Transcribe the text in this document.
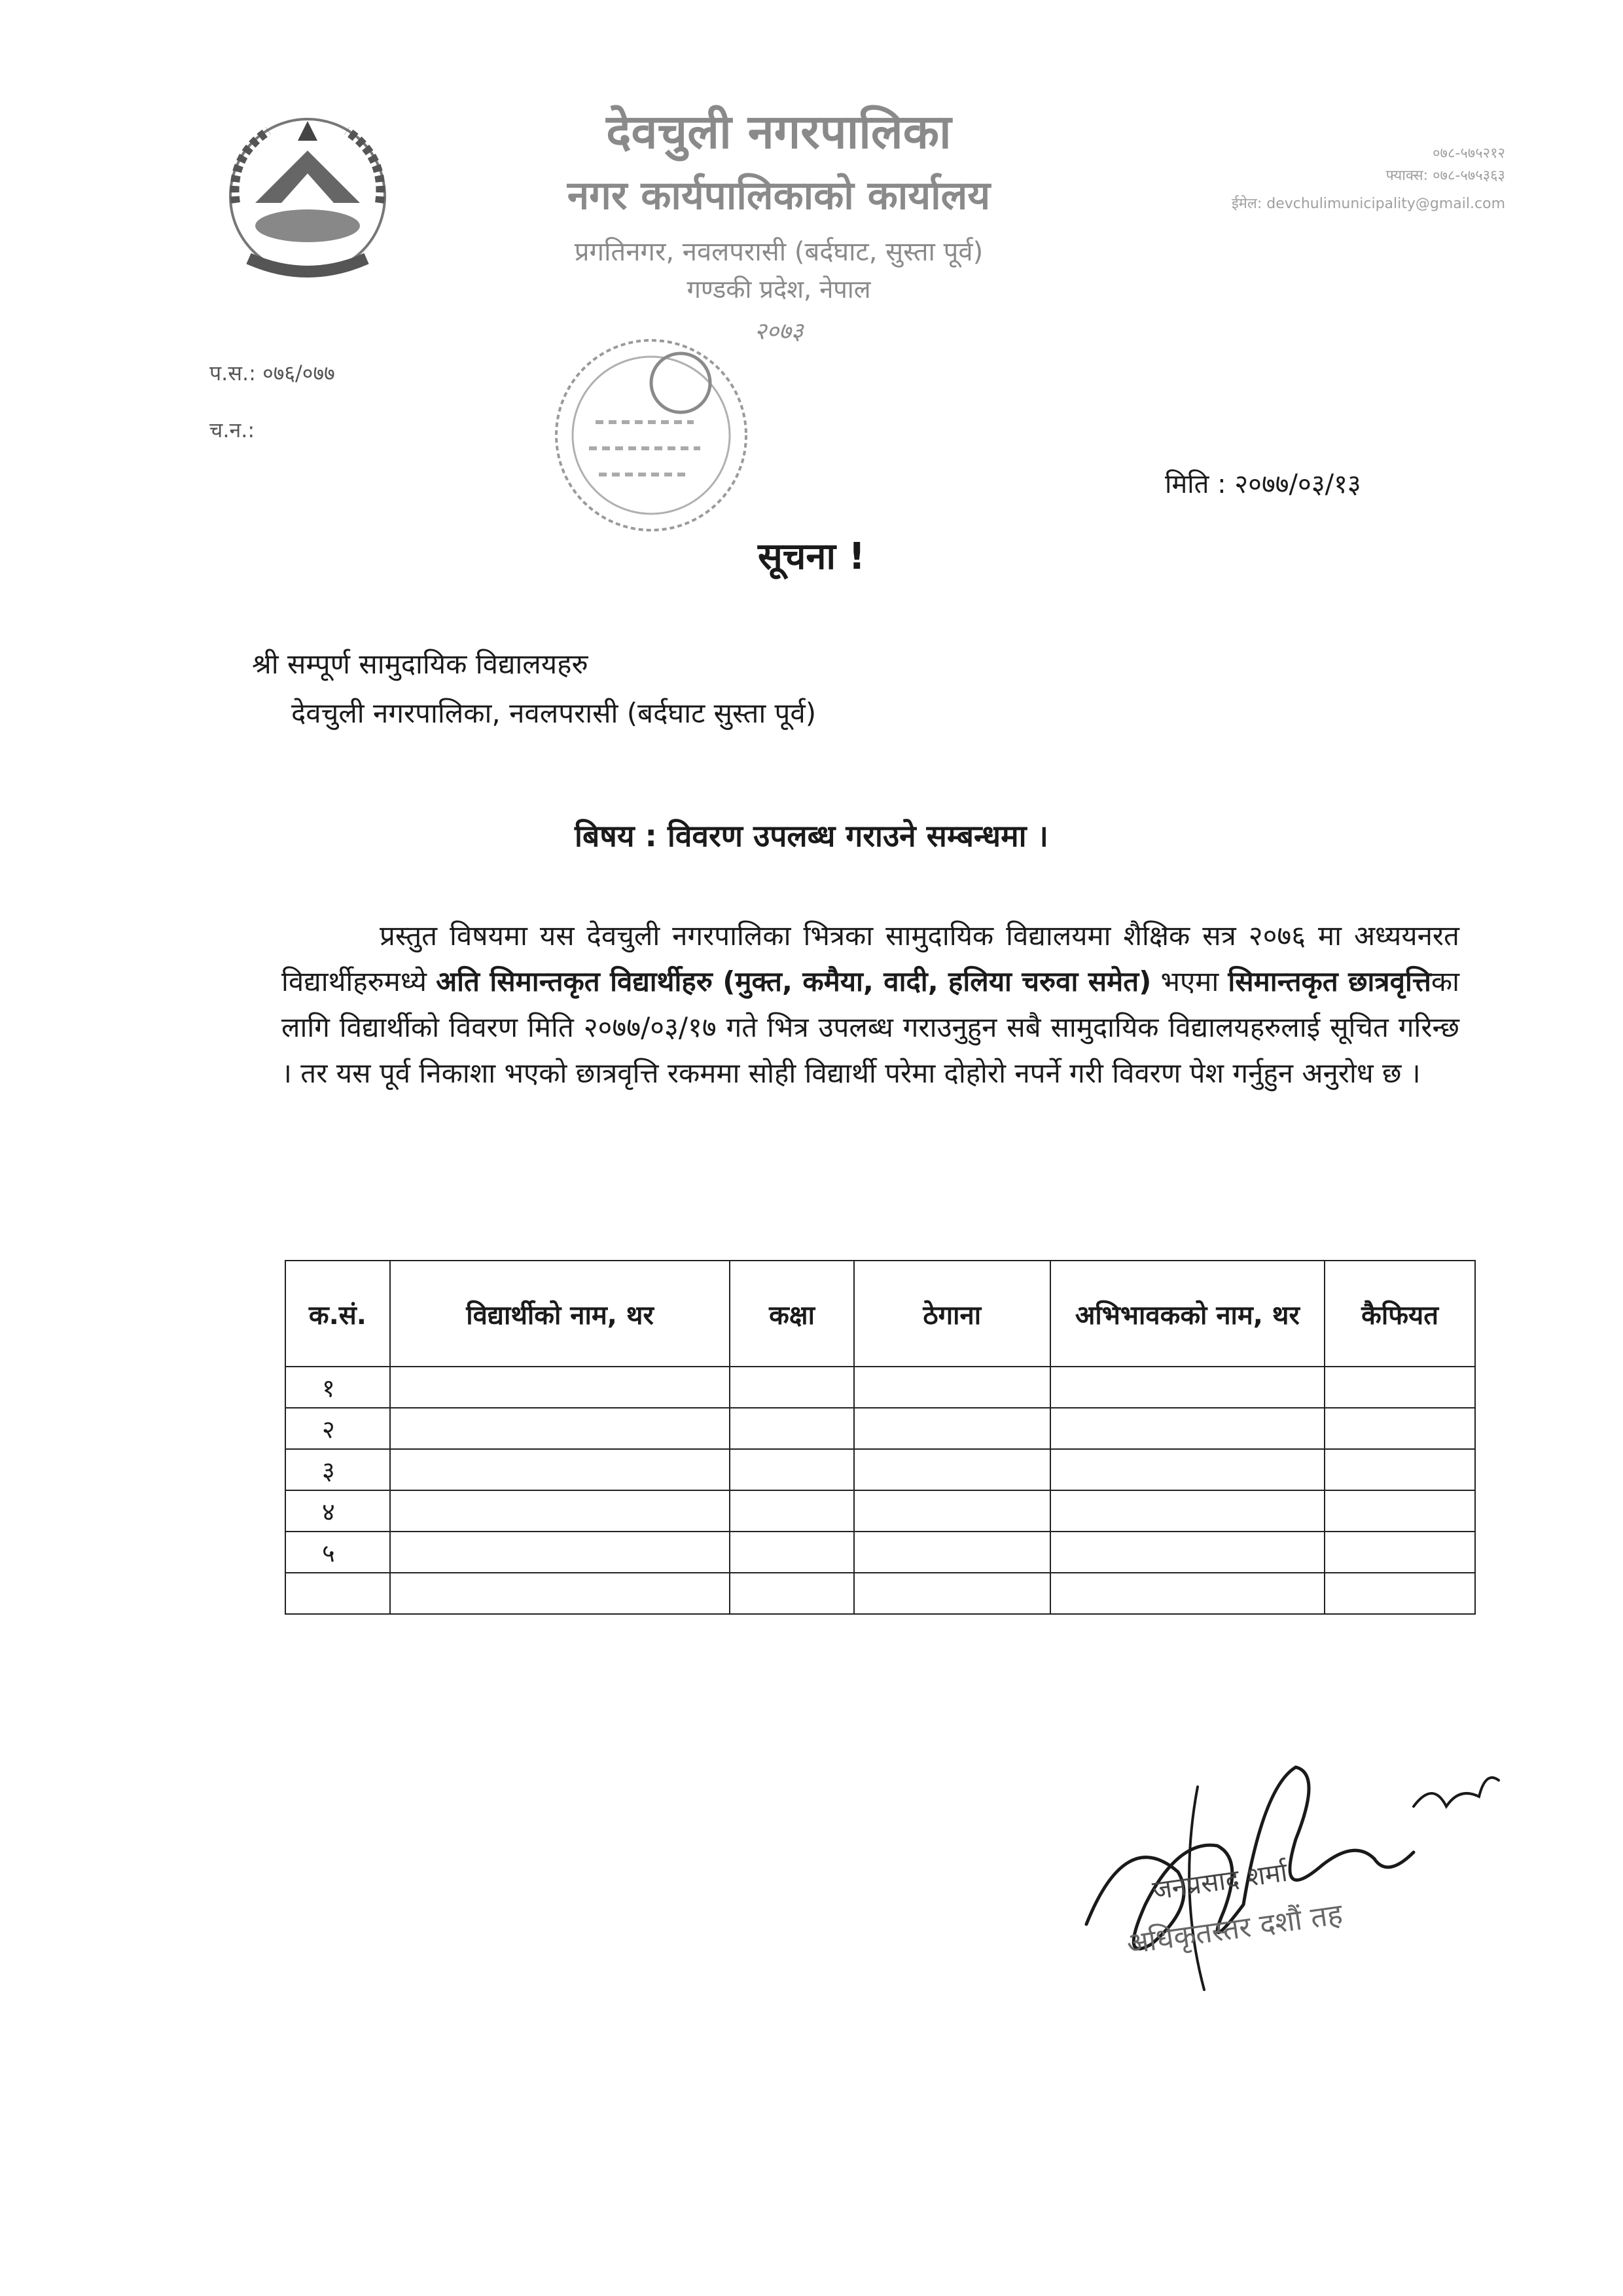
देवचुली नगरपालिका
नगर कार्यपालिकाको कार्यालय
प्रगतिनगर, नवलपरासी (बर्दघाट, सुस्ता पूर्व)
गण्डकी प्रदेश, नेपाल
२०७३
०७८-५७५२१२
फ्याक्स: ०७८-५७५३६३
ईमेल: devchulimunicipality@gmail.com
प.स.: ०७६/०७७
च.न.:
मिति : २०७७/०३/१३
सूचना !
श्री सम्पूर्ण सामुदायिक विद्यालयहरु
देवचुली नगरपालिका, नवलपरासी (बर्दघाट सुस्ता पूर्व)
बिषय : विवरण उपलब्ध गराउने सम्बन्धमा ।
प्रस्तुत विषयमा यस देवचुली नगरपालिका भित्रका सामुदायिक विद्यालयमा शैक्षिक सत्र २०७६ मा अध्ययनरत विद्यार्थीहरुमध्ये अति सिमान्तकृत विद्यार्थीहरु (मुक्त, कमैया, वादी, हलिया चरुवा समेत) भएमा सिमान्तकृत छात्रवृत्तिका लागि विद्यार्थीको विवरण मिति २०७७/०३/१७ गते भित्र उपलब्ध गराउनुहुन सबै सामुदायिक विद्यालयहरुलाई सूचित गरिन्छ । तर यस पूर्व निकाशा भएको छात्रवृत्ति रकममा सोही विद्यार्थी परेमा दोहोरो नपर्ने गरी विवरण पेश गर्नुहुन अनुरोध छ ।
क.सं.	विद्यार्थीको नाम, थर	कक्षा	ठेगाना	अभिभावकको नाम, थर	कैफियत
१					
२					
३					
४					
५					

जनप्रसाद शर्मा
अधिकृतस्तर दशौं तह
